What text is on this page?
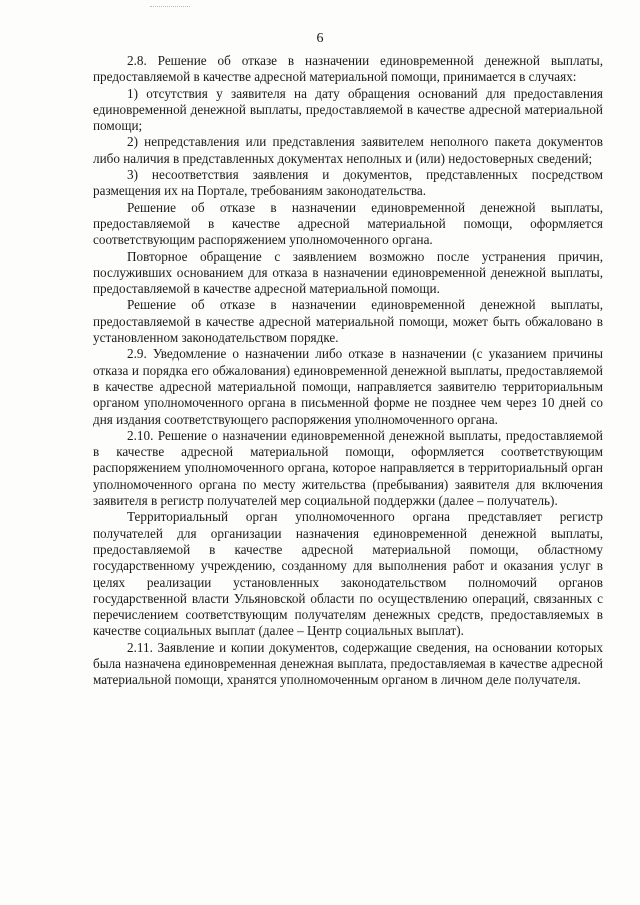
6

2.8. Решение об отказе в назначении единовременной денежной выплаты, предоставляемой в качестве адресной материальной помощи, принимается в случаях:

1) отсутствия у заявителя на дату обращения оснований для предоставления единовременной денежной выплаты, предоставляемой в качестве адресной материальной помощи;

2) непредставления или представления заявителем неполного пакета документов либо наличия в представленных документах неполных и (или) недостоверных сведений;

3) несоответствия заявления и документов, представленных посредством размещения их на Портале, требованиям законодательства.

Решение об отказе в назначении единовременной денежной выплаты, предоставляемой в качестве адресной материальной помощи, оформляется соответствующим распоряжением уполномоченного органа.

Повторное обращение с заявлением возможно после устранения причин, послуживших основанием для отказа в назначении единовременной денежной выплаты, предоставляемой в качестве адресной материальной помощи.

Решение об отказе в назначении единовременной денежной выплаты, предоставляемой в качестве адресной материальной помощи, может быть обжаловано в установленном законодательством порядке.

2.9. Уведомление о назначении либо отказе в назначении (с указанием причины отказа и порядка его обжалования) единовременной денежной выплаты, предоставляемой в качестве адресной материальной помощи, направляется заявителю территориальным органом уполномоченного органа в письменной форме не позднее чем через 10 дней со дня издания соответствующего распоряжения уполномоченного органа.

2.10. Решение о назначении единовременной денежной выплаты, предоставляемой в качестве адресной материальной помощи, оформляется соответствующим распоряжением уполномоченного органа, которое направляется в территориальный орган уполномоченного органа по месту жительства (пребывания) заявителя для включения заявителя в регистр получателей мер социальной поддержки (далее – получатель).

Территориальный орган уполномоченного органа представляет регистр получателей для организации назначения единовременной денежной выплаты, предоставляемой в качестве адресной материальной помощи, областному государственному учреждению, созданному для выполнения работ и оказания услуг в целях реализации установленных законодательством полномочий органов государственной власти Ульяновской области по осуществлению операций, связанных с перечислением соответствующим получателям денежных средств, предоставляемых в качестве социальных выплат (далее – Центр социальных выплат).

2.11. Заявление и копии документов, содержащие сведения, на основании которых была назначена единовременная денежная выплата, предоставляемая в качестве адресной материальной помощи, хранятся уполномоченным органом в личном деле получателя.
